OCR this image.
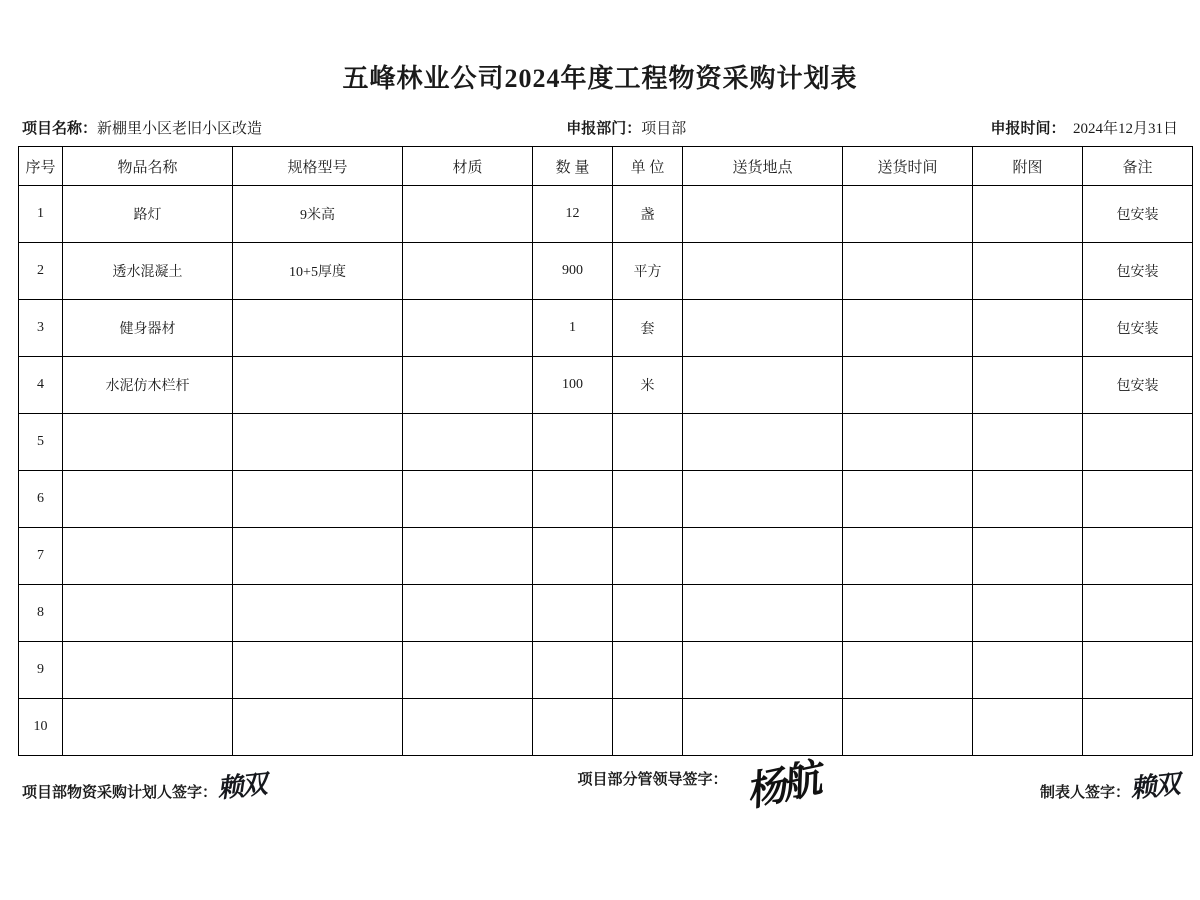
五峰林业公司2024年度工程物资采购计划表
项目名称：新棚里小区老旧小区改造	申报部门：项目部	申报时间： 2024年12月31日
序号	物品名称	规格型号	材质	数 量	单 位	送货地点	送货时间	附图	备注
1	路灯	9米高		12	盏				包安装
2	透水混凝土	10+5厚度		900	平方				包安装
3	健身器材			1	套				包安装
4	水泥仿木栏杆			100	米				包安装
5									
6									
7									
8									
9									
10									
项目部物资采购计划人签字：赖双	项目部分管领导签字： 杨航	制表人签字：赖双
